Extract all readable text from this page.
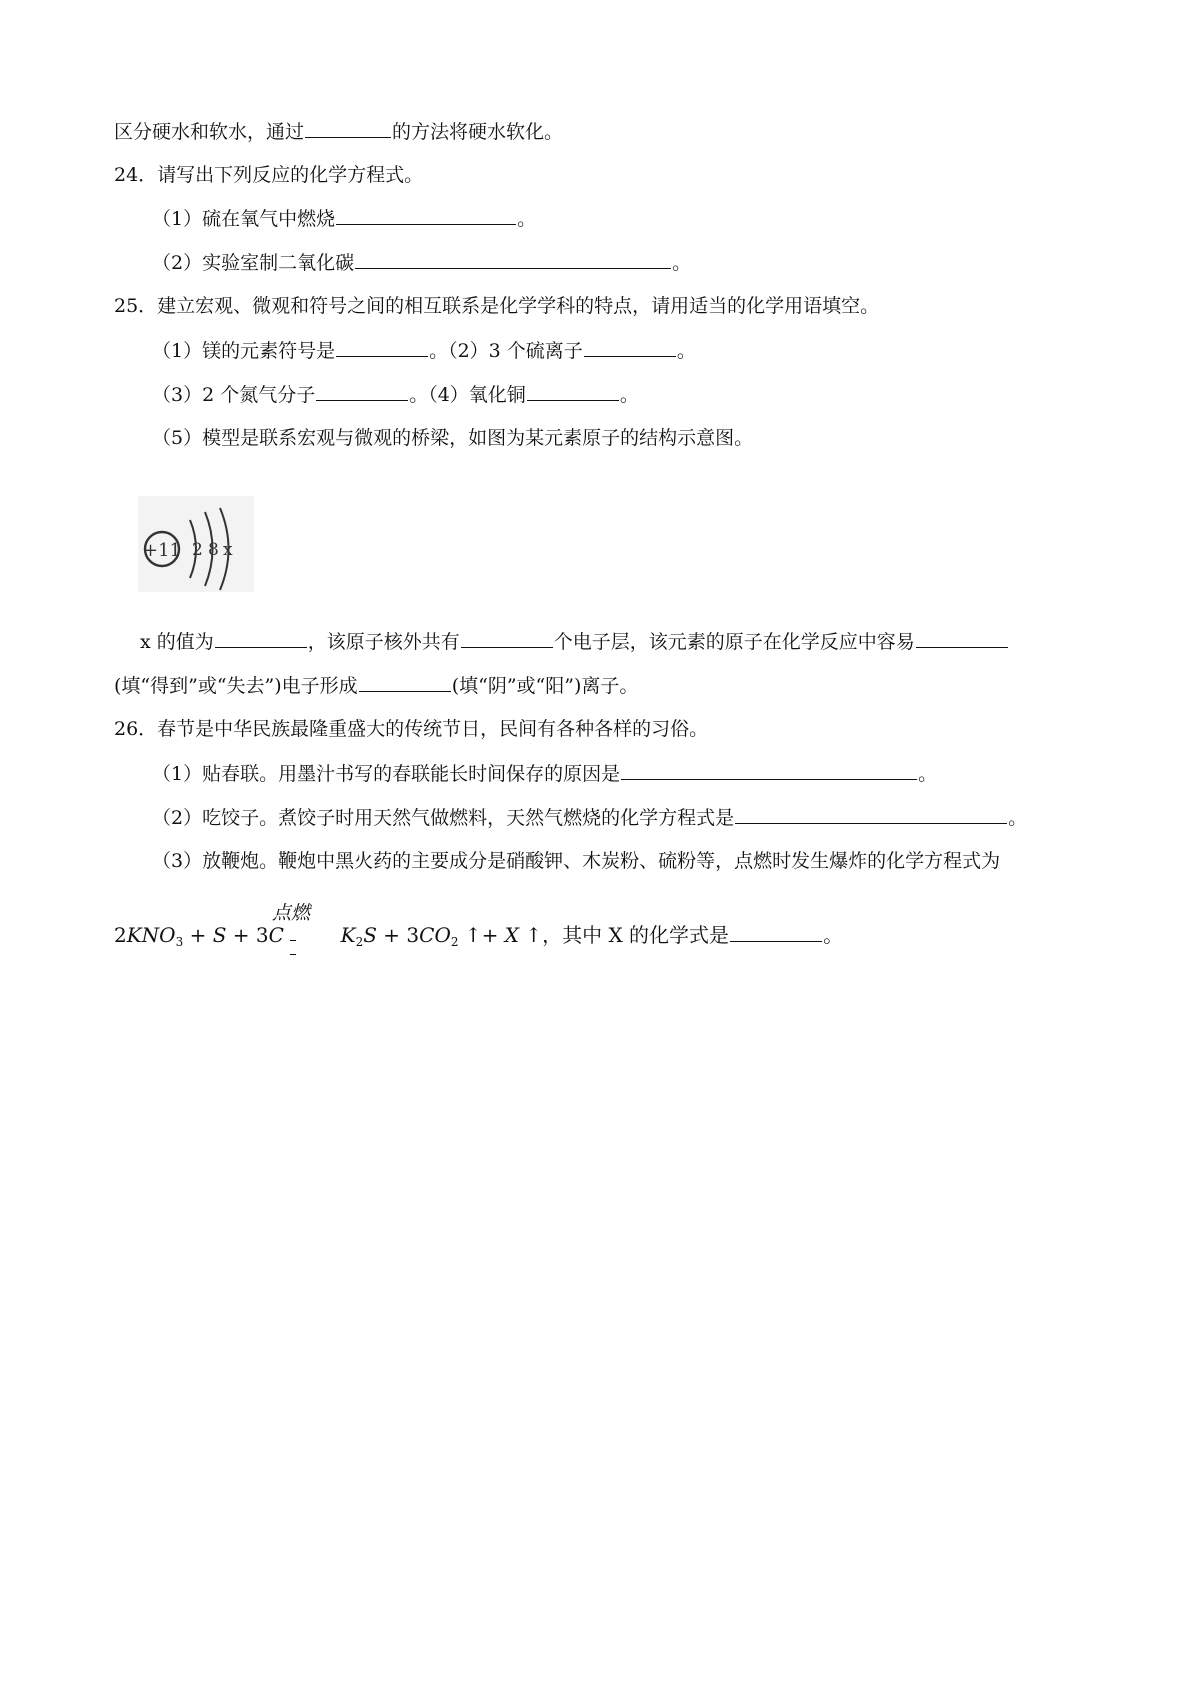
区分硬水和软水，通过	的方法将硬水软化。
24．请写出下列反应的化学方程式。
（1）硫在氧气中燃烧	。
（2）实验室制二氧化碳	。
25．建立宏观、微观和符号之间的相互联系是化学学科的特点，请用适当的化学用语填空。
（1）镁的元素符号是	。（2）3 个硫离子	。
（3）2 个氮气分子	。（4）氧化铜	。
（5）模型是联系宏观与微观的桥梁，如图为某元素原子的结构示意图。
+11 2 8 x
x 的值为	，该原子核外共有	个电子层，该元素的原子在化学反应中容易
(填“得到”或“失去”)电子形成	(填“阴”或“阳”)离子。
26．春节是中华民族最隆重盛大的传统节日，民间有各种各样的习俗。
（1）贴春联。用墨汁书写的春联能长时间保存的原因是	。
（2）吃饺子。煮饺子时用天然气做燃料，天然气燃烧的化学方程式是	。
（3）放鞭炮。鞭炮中黑火药的主要成分是硝酸钾、木炭粉、硫粉等，点燃时发生爆炸的化学方程式为
点燃
$2KNO_3 + S + 3C$  $K_2S + 3CO_2$ ↑+ X ↑，其中 X 的化学式是	。
